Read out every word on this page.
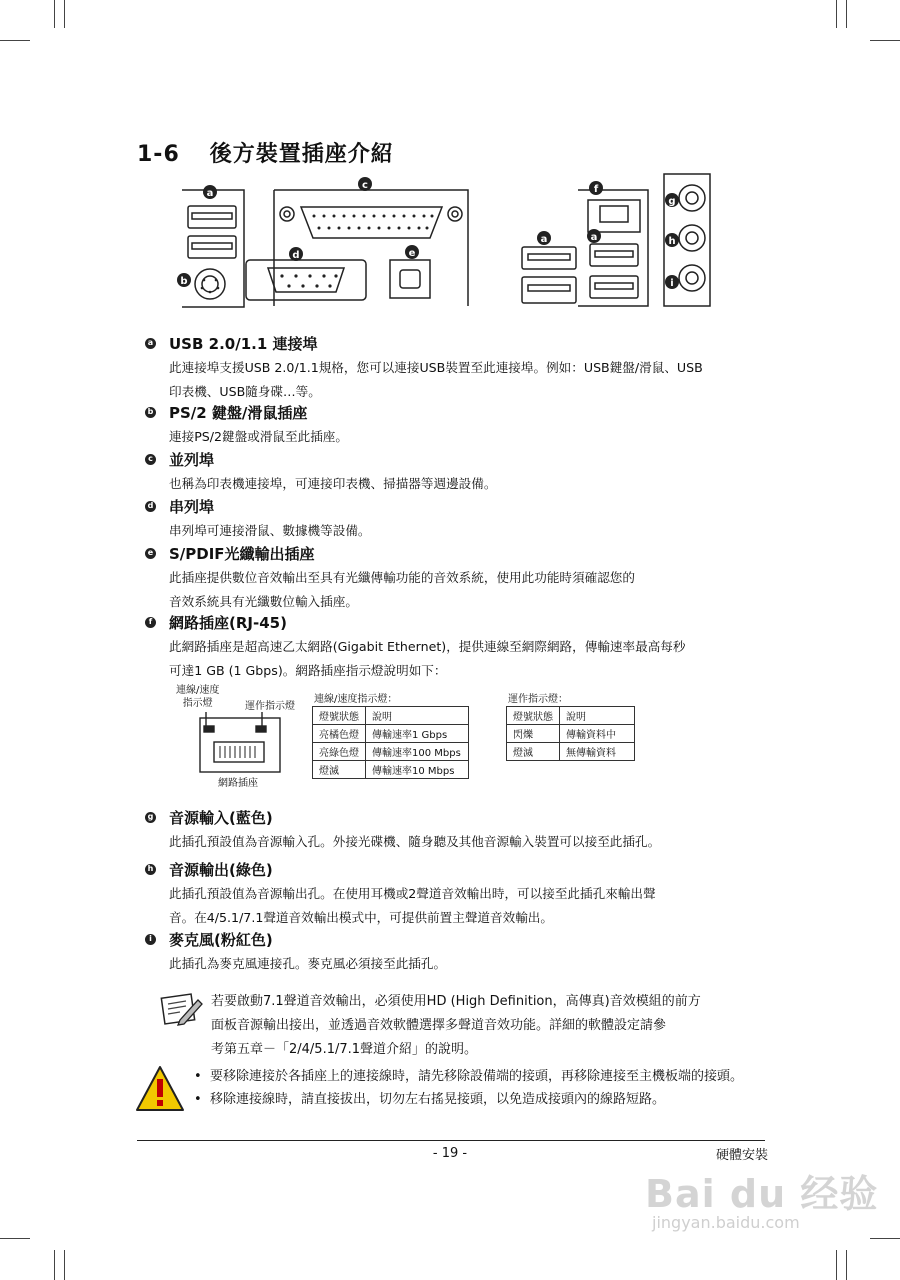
1-6 後方裝置插座介紹
a
b
c
d	e
a
f
a
g
h
i
a USB 2.0/1.1 連接埠
此連接埠支援USB 2.0/1.1規格，您可以連接USB裝置至此連接埠。例如：USB鍵盤/滑鼠、USB
印表機、USB隨身碟…等。
b PS/2 鍵盤/滑鼠插座
連接PS/2鍵盤或滑鼠至此插座。
c 並列埠
也稱為印表機連接埠，可連接印表機、掃描器等週邊設備。
d 串列埠
串列埠可連接滑鼠、數據機等設備。
e S/PDIF光纖輸出插座
此插座提供數位音效輸出至具有光纖傳輸功能的音效系統，使用此功能時須確認您的
音效系統具有光纖數位輸入插座。
f 網路插座(RJ-45)
此網路插座是超高速乙太網路(Gigabit Ethernet)，提供連線至網際網路，傳輸速率最高每秒
可達1 GB (1 Gbps)。網路插座指示燈說明如下：
連線/速度
指示燈	運作指示燈
網路插座
連線/速度指示燈：
燈號狀態	說明
亮橘色燈	傳輸速率1 Gbps
亮綠色燈	傳輸速率100 Mbps
燈滅	傳輸速率10 Mbps
運作指示燈：
燈號狀態	說明
閃爍	傳輸資料中
燈滅	無傳輸資料
g 音源輸入(藍色)
此插孔預設值為音源輸入孔。外接光碟機、隨身聽及其他音源輸入裝置可以接至此插孔。
h 音源輸出(綠色)
此插孔預設值為音源輸出孔。在使用耳機或2聲道音效輸出時，可以接至此插孔來輸出聲
音。在4/5.1/7.1聲道音效輸出模式中，可提供前置主聲道音效輸出。
i 麥克風(粉紅色)
此插孔為麥克風連接孔。麥克風必須接至此插孔。
若要啟動7.1聲道音效輸出，必須使用HD (High Definition，高傳真)音效模組的前方
面板音源輸出接出，並透過音效軟體選擇多聲道音效功能。詳細的軟體設定請參
考第五章－「2/4/5.1/7.1聲道介紹」的說明。
• 要移除連接於各插座上的連接線時，請先移除設備端的接頭，再移除連接至主機板端的接頭。
• 移除連接線時，請直接拔出，切勿左右搖晃接頭，以免造成接頭內的線路短路。
- 19 -	硬體安裝
Bai du 经验
jingyan.baidu.com
